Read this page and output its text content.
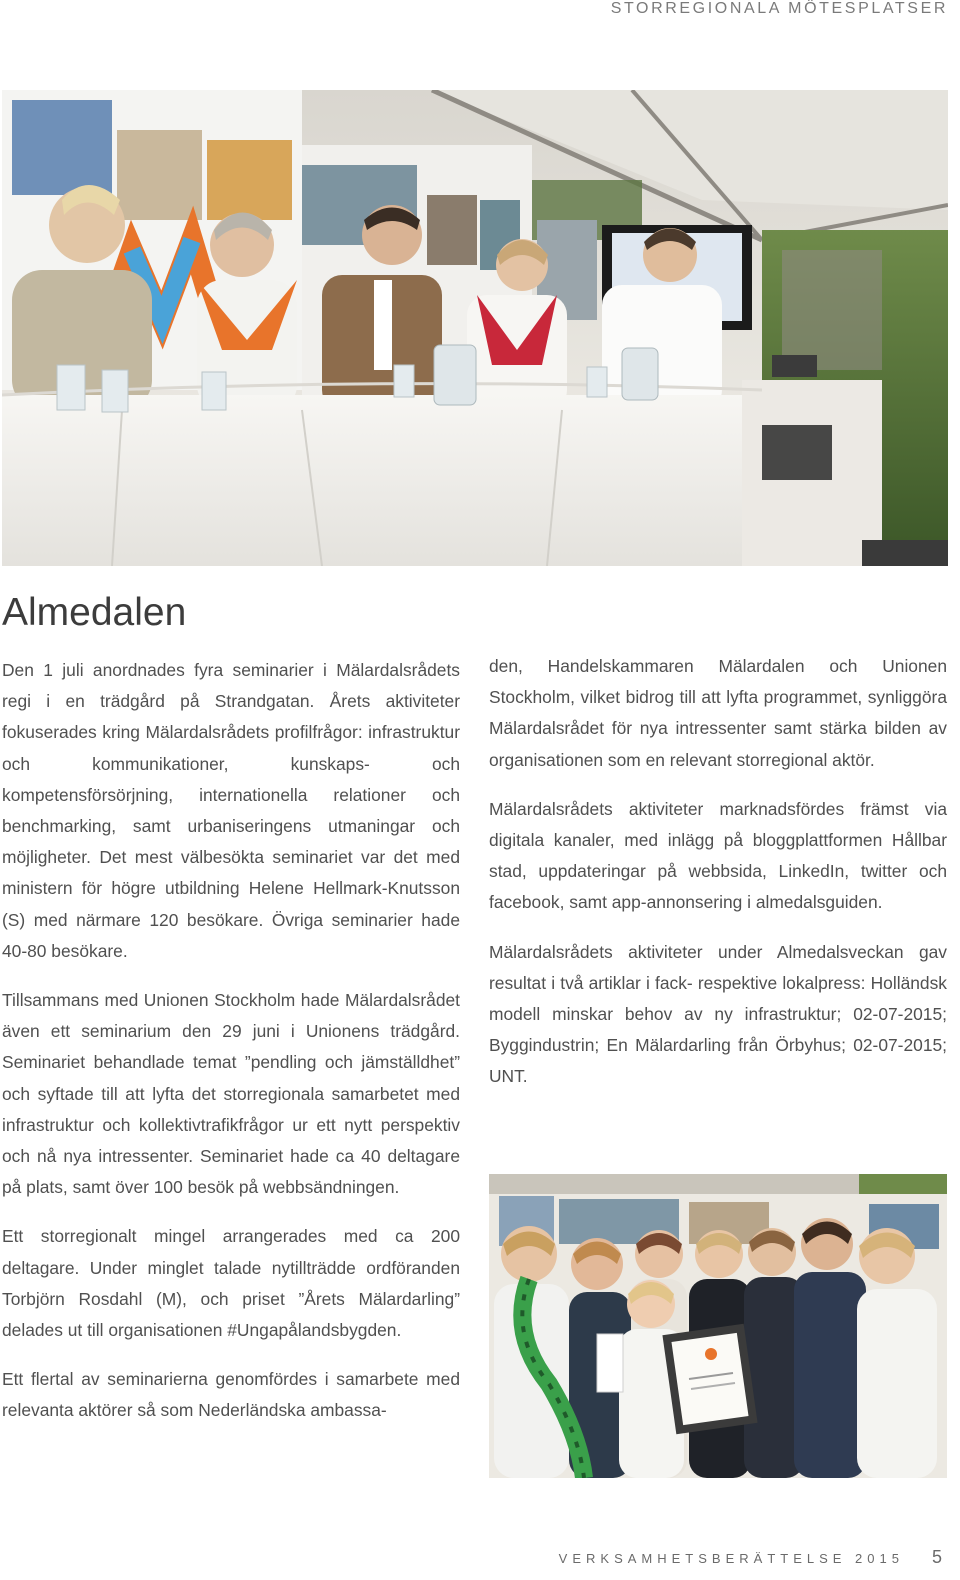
STORREGIONALA MÖTESPLATSER
Almedalen

Den 1 juli anordnades fyra seminarier i Mälardalsrådets regi i en trädgård på Strandgatan. Årets aktiviteter fokuserades kring Mälardalsrådets profilfrågor: infrastruktur och kommunikationer, kunskaps- och kompetensförsörjning, internationella relationer och benchmarking, samt urbaniseringens utmaningar och möjligheter. Det mest välbesökta seminariet var det med ministern för högre utbildning Helene Hellmark-Knutsson (S) med närmare 120 besökare. Övriga seminarier hade 40-80 besökare.

Tillsammans med Unionen Stockholm hade Mälardalsrådet även ett seminarium den 29 juni i Unionens trädgård. Seminariet behandlade temat ”pendling och jämställdhet” och syftade till att lyfta det storregionala samarbetet med infrastruktur och kollektivtrafikfrågor ur ett nytt perspektiv och nå nya intressenter. Seminariet hade ca 40 deltagare på plats, samt över 100 besök på webbsändningen.

Ett storregionalt mingel arrangerades med ca 200 deltagare. Under minglet talade nytillträdde ordföranden Torbjörn Rosdahl (M), och priset ”Årets Mälardarling” delades ut till organisationen #Ungapålandsbygden.

Ett flertal av seminarierna genomfördes i samarbete med relevanta aktörer så som Nederländska ambassa-

den, Handelskammaren Mälardalen och Unionen Stockholm, vilket bidrog till att lyfta programmet, synliggöra Mälardalsrådet för nya intressenter samt stärka bilden av organisationen som en relevant storregional aktör.

Mälardalsrådets aktiviteter marknadsfördes främst via digitala kanaler, med inlägg på bloggplattformen Hållbar stad, uppdateringar på webbsida, LinkedIn, twitter och facebook, samt app-annonsering i almedalsguiden.

Mälardalsrådets aktiviteter under Almedalsveckan gav resultat i två artiklar i fack- respektive lokalpress: Holländsk modell minskar behov av ny infrastruktur; 02-07-2015; Byggindustrin; En Mälardarling från Örbyhus; 02-07-2015; UNT.

VERKSAMHETSBERÄTTELSE 2015 5
